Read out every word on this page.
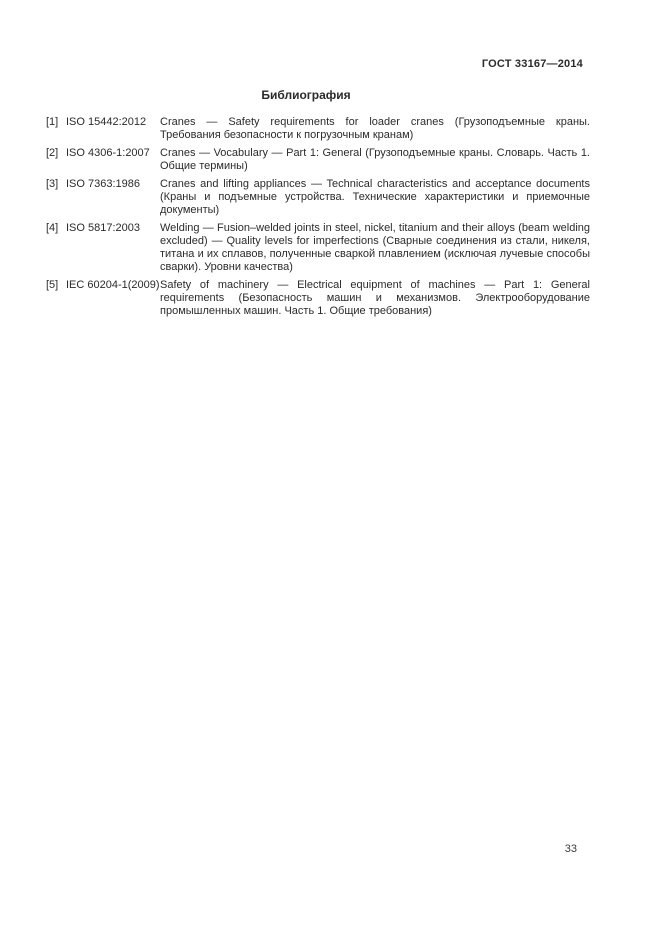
ГОСТ 33167—2014
Библиография
[1] ISO 15442:2012	Cranes — Safety requirements for loader cranes (Грузоподъемные краны. Требования безопасности к погрузочным кранам)
[2] ISO 4306-1:2007 Cranes — Vocabulary — Part 1: General (Грузоподъемные краны. Словарь. Часть 1. Общие термины)
[3] ISO 7363:1986	Cranes and lifting appliances — Technical characteristics and acceptance documents (Краны и подъемные устройства. Технические характеристики и приемочные документы)
[4] ISO 5817:2003	Welding — Fusion–welded joints in steel, nickel, titanium and their alloys (beam welding excluded) — Quality levels for imperfections (Сварные соединения из стали, никеля, титана и их сплавов, полученные сваркой плавлением (исключая лучевые способы сварки). Уровни качества)
[5] IEC 60204-1(2009) Safety of machinery — Electrical equipment of machines — Part 1: General requirements (Безопасность машин и механизмов. Электрооборудование промышленных машин. Часть 1. Общие требования)
33
